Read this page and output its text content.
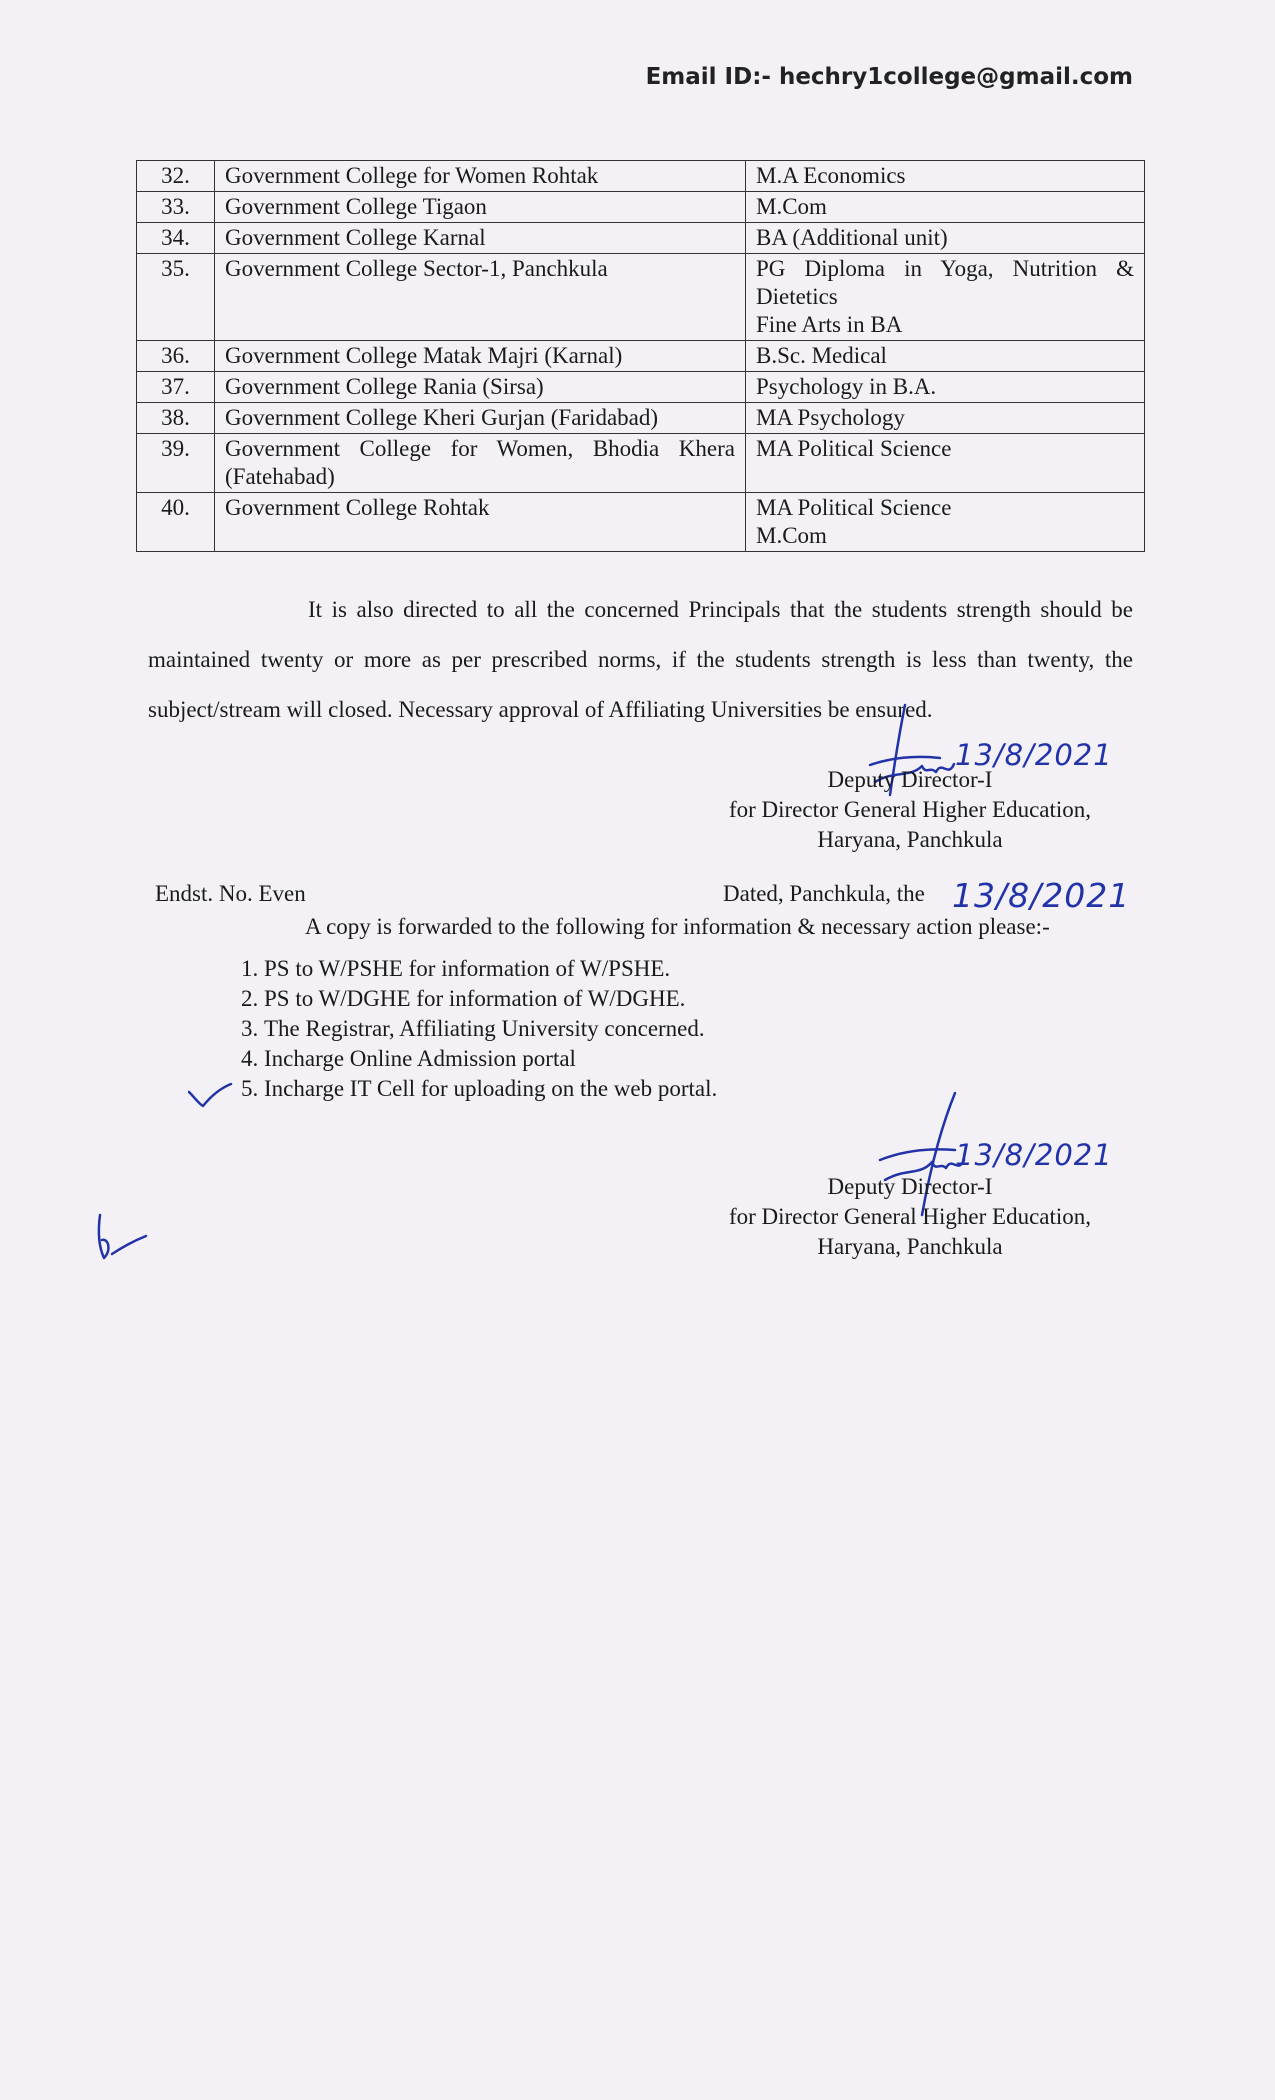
Email ID:- hechry1college@gmail.com
32.	Government College for Women Rohtak	M.A Economics

33.	Government College Tigaon	M.Com

34.	Government College Karnal	BA (Additional unit)

35.	Government College Sector-1, Panchkula	PG Diploma in Yoga, Nutrition & Dietetics
Fine Arts in BA

36.	Government College Matak Majri (Karnal)	B.Sc. Medical

37.	Government College Rania (Sirsa)	Psychology in B.A.

38.	Government College Kheri Gurjan (Faridabad)	MA Psychology

39.	Government College for Women, Bhodia Khera (Fatehabad)	MA Political Science

40.	Government College Rohtak	MA Political Science
M.Com
It is also directed to all the concerned Principals that the students strength should be maintained twenty or more as per prescribed norms, if the students strength is less than twenty, the subject/stream will closed. Necessary approval of Affiliating Universities be ensured.
13/8/2021
Deputy Director-I
for Director General Higher Education,
Haryana, Panchkula
Endst. No. Even	Dated, Panchkula, the 13/8/2021
A copy is forwarded to the following for information & necessary action please:-
1. PS to W/PSHE for information of W/PSHE.
2. PS to W/DGHE for information of W/DGHE.
3. The Registrar, Affiliating University concerned.
4. Incharge Online Admission portal
5. Incharge IT Cell for uploading on the web portal.
13/8/2021
Deputy Director-I
for Director General Higher Education,
Haryana, Panchkula
